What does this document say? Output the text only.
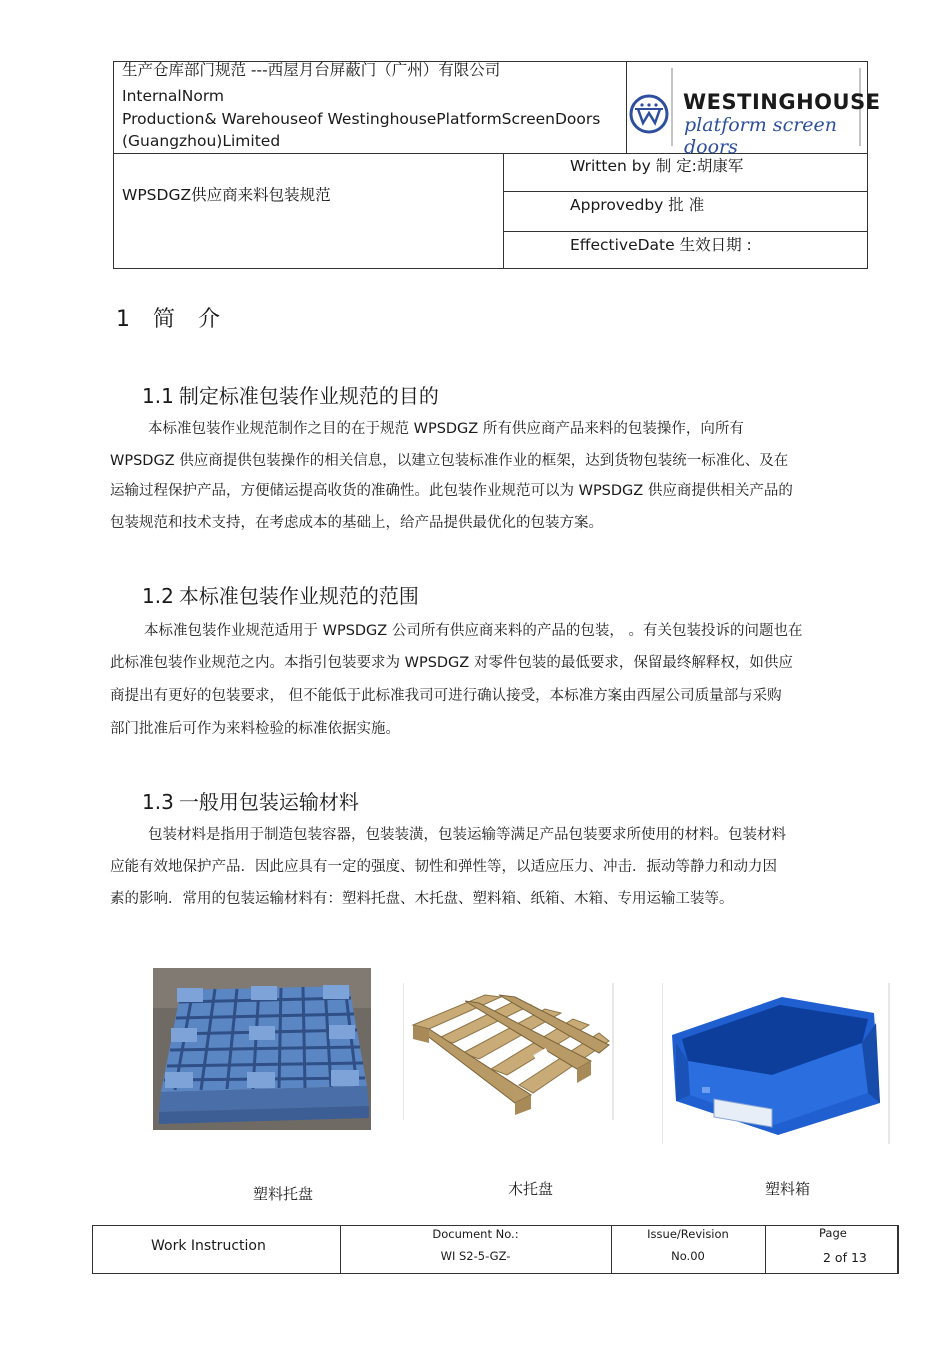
生产仓库部门规范 ---西屋月台屏蔽门（广州）有限公司
InternalNorm
Production& Warehouseof WestinghousePlatformScreenDoors
(Guangzhou)Limited
WESTINGHOUSE
platform screen doors
WPSDGZ供应商来料包装规范
Written by 制 定:胡康军
Approvedby 批 准
EffectiveDate 生效日期 :
1 简 介
1.1 制定标准包装作业规范的目的
本标准包装作业规范制作之目的在于规范 WPSDGZ 所有供应商产品来料的包装操作，向所有
WPSDGZ 供应商提供包装操作的相关信息，以建立包装标准作业的框架，达到货物包装统一标准化、及在
运输过程保护产品，方便储运提高收货的准确性。此包装作业规范可以为 WPSDGZ 供应商提供相关产品的
包装规范和技术支持，在考虑成本的基础上，给产品提供最优化的包装方案。
1.2 本标准包装作业规范的范围
本标准包装作业规范适用于 WPSDGZ 公司所有供应商来料的产品的包装， 。有关包装投诉的问题也在
此标准包装作业规范之内。本指引包装要求为 WPSDGZ 对零件包装的最低要求，保留最终解释权，如供应
商提出有更好的包装要求， 但不能低于此标准我司可进行确认接受，本标准方案由西屋公司质量部与采购
部门批准后可作为来料检验的标准依据实施。
1.3 一般用包装运输材料
包装材料是指用于制造包装容器，包装装潢，包装运输等满足产品包装要求所使用的材料。包装材料
应能有效地保护产品．因此应具有一定的强度、韧性和弹性等，以适应压力、冲击．振动等静力和动力因
素的影响．常用的包装运输材料有：塑料托盘、木托盘、塑料箱、纸箱、木箱、专用运输工装等。
塑料托盘	木托盘	塑料箱
Work Instruction
Document No.:
WI S2-5-GZ-
Issue/Revision
No.00
Page
2 of 13
